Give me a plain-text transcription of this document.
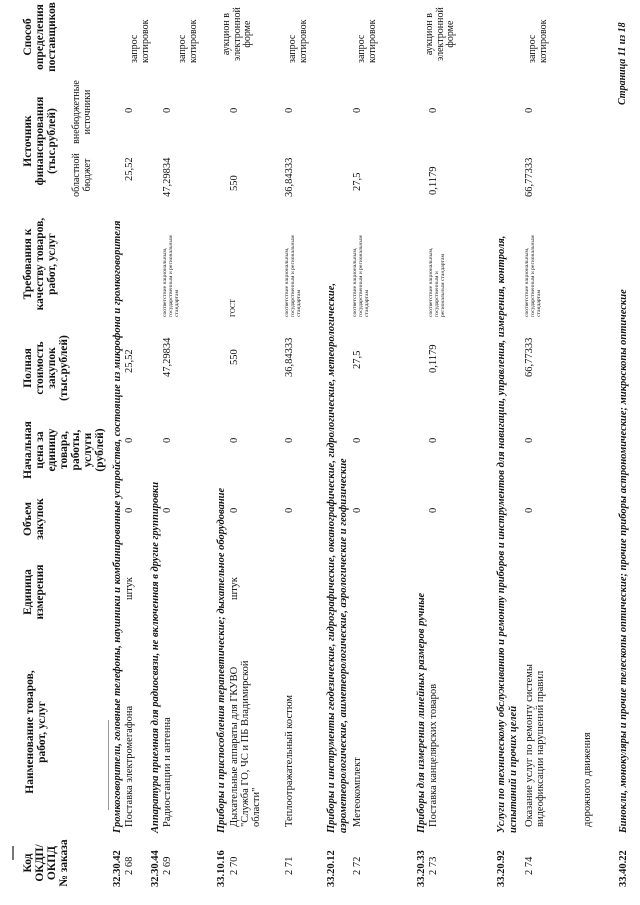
Код ОКДП/ ОКПД № заказа
Наименование товаров, работ, услуг
Единица измерения
Объем закупок
Начальная цена за единицу товара, работы, услуги (рублей)
Полная стоимость закупок (тыс.рублей)
Требования к качеству товаров, работ, услуг
Источник финансирования (тыс.рублей)
областной бюджет
внебюджетные источники
Способ определения поставщиков
32.30.42
Громкоговорители, головные телефоны, наушники и комбинированные устройства, состоящие из микрофона и громкоговорителя
2 68
Поставка электромегафона
штук
0
0
25,52
25,52
0
запрос котировок
32.30.44
Аппаратура приемная для радиосвязи, не включенная в другие группировки
2 69
Радиостанции и антенна
0
0
47,29834
соответствие национальным, государственным и региональным стандартам
47,29834
0
запрос котировок
33.10.16
Приборы и приспособления терапевтические; дыхательное оборудование
2 70
Дыхательные аппараты для ГКУВО "Служба ГО, ЧС и ПБ Владимирской области"
штук
0
0
550
ГОСТ
550
0
аукцион в электронной форме
2 71
Теплоотражательный костюм
0
0
36,84333
соответствие национальным, государственным и региональным стандартам
36,84333
0
запрос котировок
33.20.12
Приборы и инструменты геодезические, гидрографические, океанографические, гидрологические, метеорологические, аэрометеорологические, ашметеорологические, аэрологические и геофизические
2 72
Метеокомплект
0
0
27,5
соответствие национальным, государственным и региональным стандартам
27,5
0
запрос котировок
33.20.33
Приборы для измерения линейных размеров ручные
2 73
Поставка канцелярских товаров
0
0
0,1179
соответствие национальным, государственным и региональным стандартам
0,1179
0
аукцион в электронной форме
33.20.92
Услуги по техническому обслуживанию и ремонту приборов и инструментов для навигации, управления, измерения, контроля, испытаний и прочих целей
2 74
Оказание услуг по ремонту системы видеофиксации нарушений правил	дорожного движения
0
0
66,77333
соответствие национальным, государственным и региональным стандартам
66,77333
0
запрос котировок
33.40.22
Бинокли, монокуляры и прочие телескопы оптические; прочие приборы астрономические; микроскопы оптические
Страница 11 из 18
